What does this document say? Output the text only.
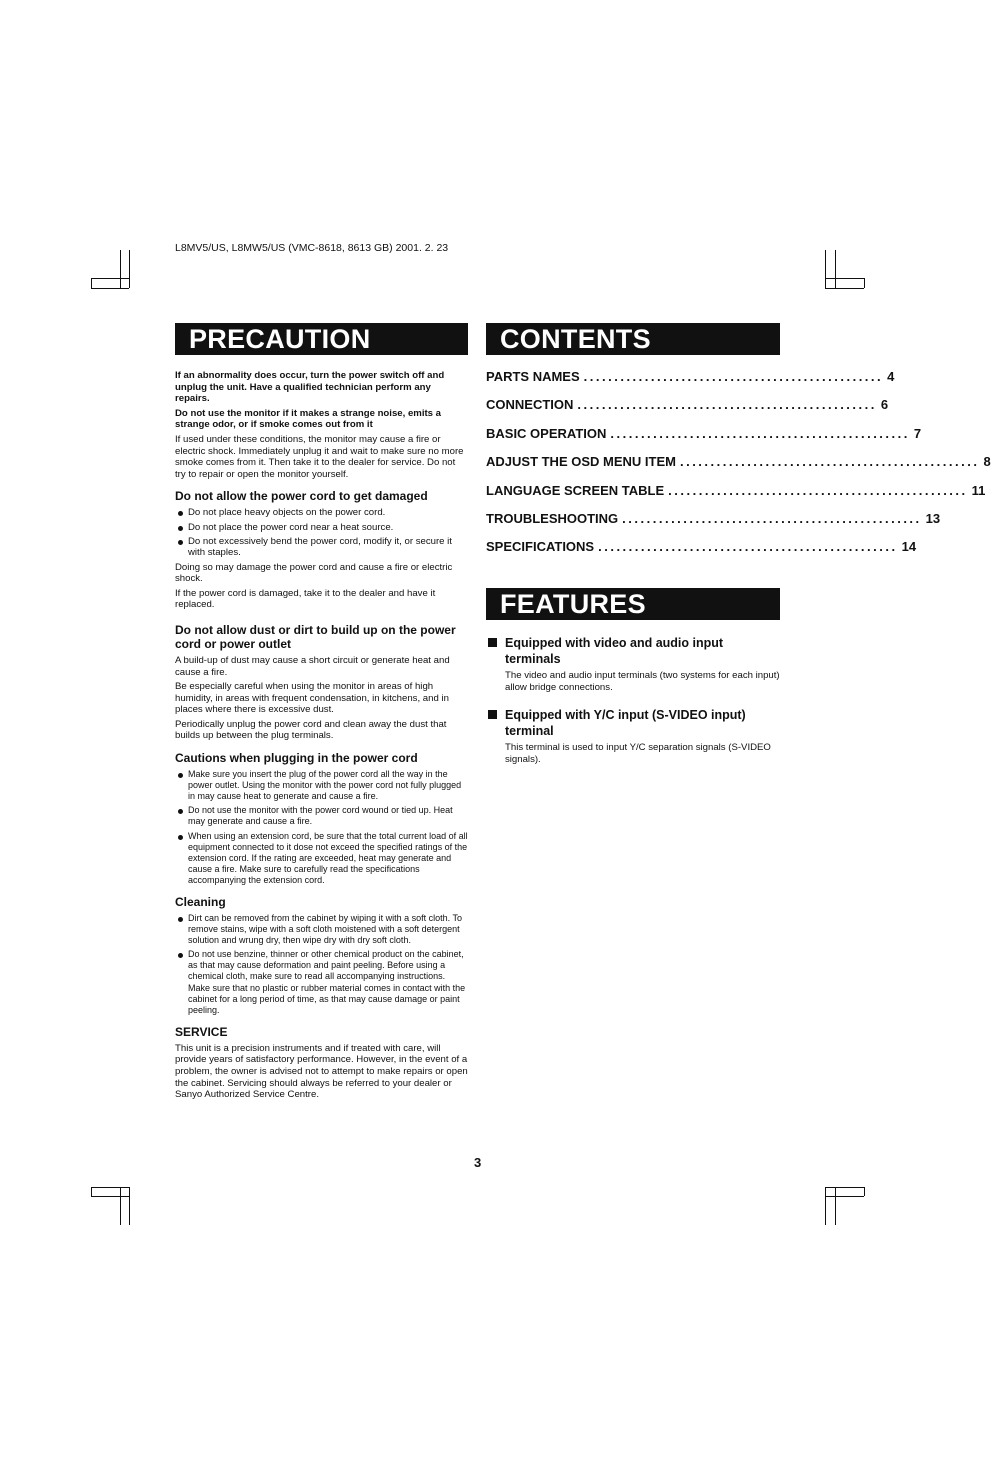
L8MV5/US, L8MW5/US (VMC-8618, 8613 GB) 2001. 2. 23
PRECAUTION

If an abnormality does occur, turn the power switch off and unplug the unit. Have a qualified technician perform any repairs.

Do not use the monitor if it makes a strange noise, emits a strange odor, or if smoke comes out from it

If used under these conditions, the monitor may cause a fire or electric shock. Immediately unplug it and wait to make sure no more smoke comes from it. Then take it to the dealer for service. Do not try to repair or open the monitor yourself.

Do not allow the power cord to get damaged
Do not place heavy objects on the power cord.
Do not place the power cord near a heat source.
Do not excessively bend the power cord, modify it, or secure it with staples.

Doing so may damage the power cord and cause a fire or electric shock.

If the power cord is damaged, take it to the dealer and have it replaced.

Do not allow dust or dirt to build up on the power cord or power outlet

A build-up of dust may cause a short circuit or generate heat and cause a fire.

Be especially careful when using the monitor in areas of high humidity, in areas with frequent condensation, in kitchens, and in places where there is excessive dust.

Periodically unplug the power cord and clean away the dust that builds up between the plug terminals.

Cautions when plugging in the power cord
Make sure you insert the plug of the power cord all the way in the power outlet. Using the monitor with the power cord not fully plugged in may cause heat to generate and cause a fire.
Do not use the monitor with the power cord wound or tied up. Heat may generate and cause a fire.
When using an extension cord, be sure that the total current load of all equipment connected to it dose not exceed the specified ratings of the extension cord. If the rating are exceeded, heat may generate and cause a fire. Make sure to carefully read the specifications accompanying the extension cord.
Cleaning
Dirt can be removed from the cabinet by wiping it with a soft cloth. To remove stains, wipe with a soft cloth moistened with a soft detergent solution and wrung dry, then wipe dry with dry soft cloth.
Do not use benzine, thinner or other chemical product on the cabinet, as that may cause deformation and paint peeling. Before using a chemical cloth, make sure to read all accompanying instructions. Make sure that no plastic or rubber material comes in contact with the cabinet for a long period of time, as that may cause damage or paint peeling.
SERVICE

This unit is a precision instruments and if treated with care, will provide years of satisfactory performance. However, in the event of a problem, the owner is advised not to attempt to make repairs or open the cabinet. Servicing should always be referred to your dealer or Sanyo Authorized Service Centre.

CONTENTS
PARTS NAMES ................................................. 4
CONNECTION ................................................. 6
BASIC OPERATION ................................................. 7
ADJUST THE OSD MENU ITEM ................................................. 8
LANGUAGE SCREEN TABLE ................................................. 11
TROUBLESHOOTING ................................................. 13
SPECIFICATIONS ................................................. 14
FEATURES
Equipped with video and audio input terminals
The video and audio input terminals (two systems for each input) allow bridge connections.
Equipped with Y/C input (S-VIDEO input) terminal
This terminal is used to input Y/C separation signals (S-VIDEO signals).
3
